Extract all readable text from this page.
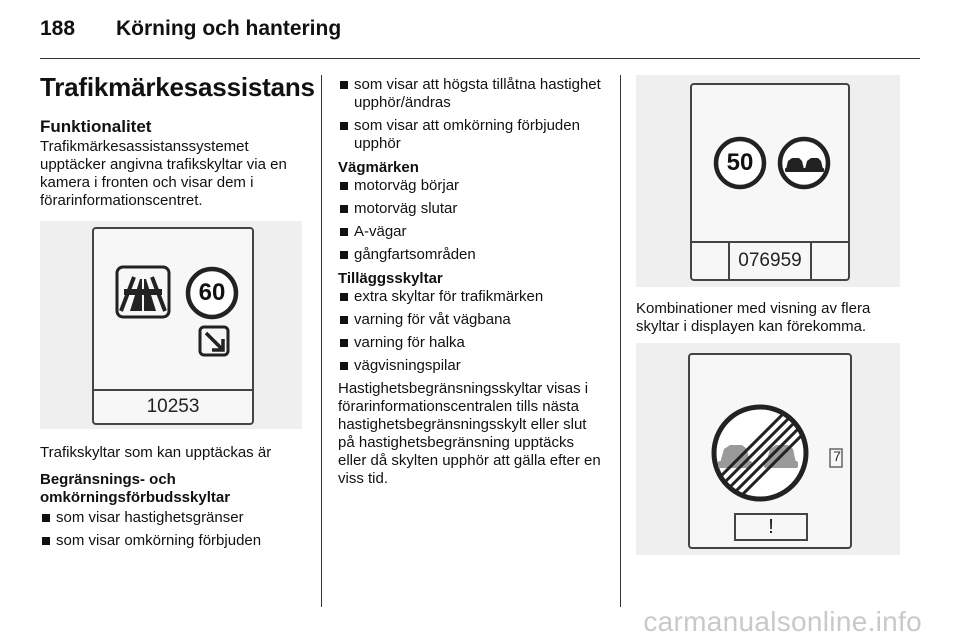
188 Körning och hantering
Trafikmärkesassistans
Funktionalitet
Trafikmärkesassistanssystemet upptäcker angivna trafikskyltar via en kamera i fronten och visar dem i förarinformationscentret.
60
10253
Trafikskyltar som kan upptäckas är
Begränsnings- och omkörningsförbudsskyltar
som visar hastighetsgränser
som visar omkörning förbjuden
som visar att högsta tillåtna hastighet upphör/ändras
som visar att omkörning förbjuden upphör
Vägmärken
motorväg börjar
motorväg slutar
A-vägar
gångfartsområden
Tilläggsskyltar
extra skyltar för trafikmärken
varning för våt vägbana
varning för halka
vägvisningspilar
Hastighetsbegränsningsskyltar visas i förarinformationscentralen tills nästa hastighetsbegränsningsskylt eller slut på hastighetsbegränsning upptäcks eller då skylten upphör att gälla efter en viss tid.
50
076959
Kombinationer med visning av flera skyltar i displayen kan förekomma.
7
!
carmanualsonline.info
